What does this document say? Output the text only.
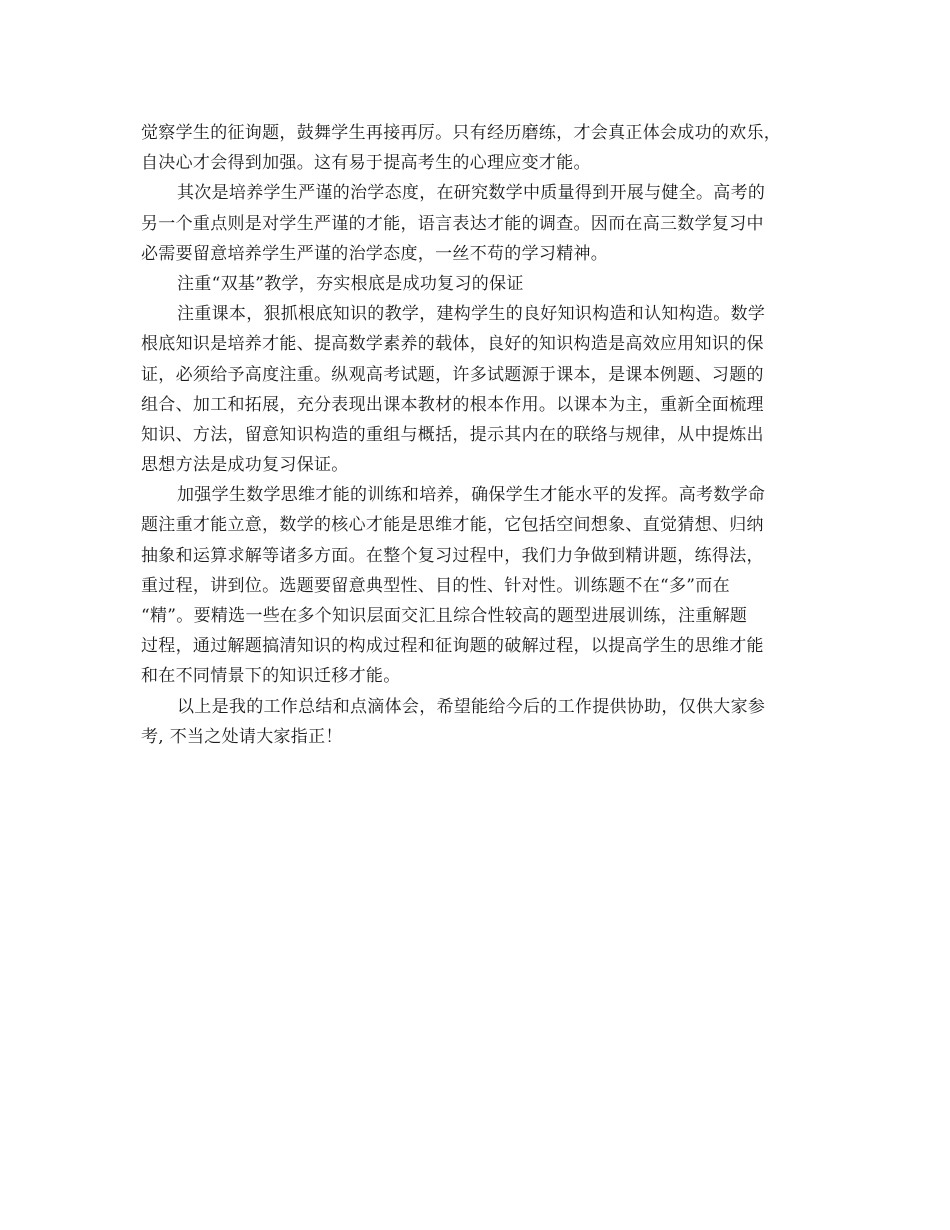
觉察学生的征询题，鼓舞学生再接再厉。只有经历磨练，才会真正体会成功的欢乐，
自决心才会得到加强。这有易于提高考生的心理应变才能。
其次是培养学生严谨的治学态度，在研究数学中质量得到开展与健全。高考的
另一个重点则是对学生严谨的才能，语言表达才能的调查。因而在高三数学复习中
必需要留意培养学生严谨的治学态度，一丝不苟的学习精神。
注重“双基”教学，夯实根底是成功复习的保证
注重课本，狠抓根底知识的教学，建构学生的良好知识构造和认知构造。数学
根底知识是培养才能、提高数学素养的载体，良好的知识构造是高效应用知识的保
证，必须给予高度注重。纵观高考试题，许多试题源于课本，是课本例题、习题的
组合、加工和拓展，充分表现出课本教材的根本作用。以课本为主，重新全面梳理
知识、方法，留意知识构造的重组与概括，提示其内在的联络与规律，从中提炼出
思想方法是成功复习保证。
加强学生数学思维才能的训练和培养，确保学生才能水平的发挥。高考数学命
题注重才能立意，数学的核心才能是思维才能，它包括空间想象、直觉猜想、归纳
抽象和运算求解等诸多方面。在整个复习过程中，我们力争做到精讲题，练得法，
重过程，讲到位。选题要留意典型性、目的性、针对性。训练题不在“多”而在
“精”。要精选一些在多个知识层面交汇且综合性较高的题型进展训练，注重解题
过程，通过解题搞清知识的构成过程和征询题的破解过程，以提高学生的思维才能
和在不同情景下的知识迁移才能。
以上是我的工作总结和点滴体会，希望能给今后的工作提供协助，仅供大家参
考, 不当之处请大家指正！
